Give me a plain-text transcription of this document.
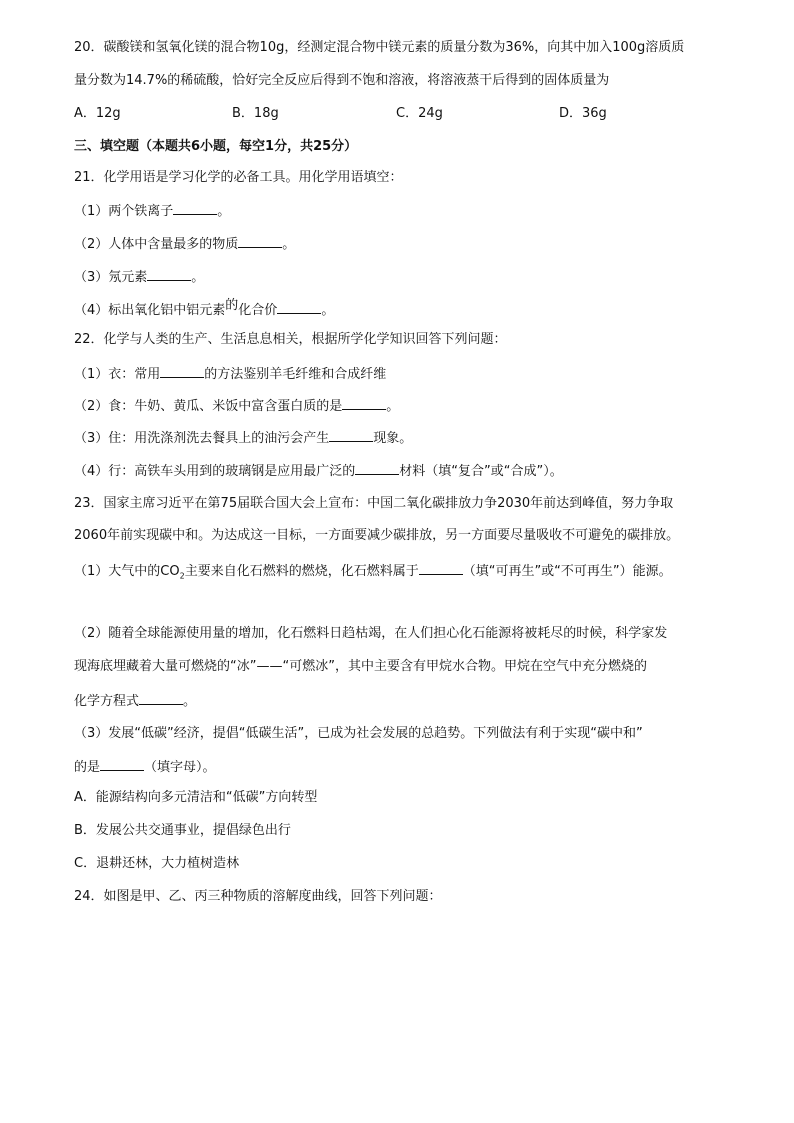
20．碳酸镁和氢氧化镁的混合物10g，经测定混合物中镁元素的质量分数为36%，向其中加入100g溶质质
量分数为14.7%的稀硫酸，恰好完全反应后得到不饱和溶液，将溶液蒸干后得到的固体质量为
A．12g	B．18g	C．24g	D．36g
三、填空题（本题共6小题，每空1分，共25分）
21．化学用语是学习化学的必备工具。用化学用语填空：
（1）两个铁离子	。
（2）人体中含量最多的物质	。
（3）氖元素	。
（4）标出氧化铝中铝元素的化合价	。
22．化学与人类的生产、生活息息相关，根据所学化学知识回答下列问题：
（1）衣：常用	的方法鉴别羊毛纤维和合成纤维
（2）食：牛奶、黄瓜、米饭中富含蛋白质的是	。
（3）住：用洗涤剂洗去餐具上的油污会产生	现象。
（4）行：高铁车头用到的玻璃钢是应用最广泛的	材料（填“复合”或“合成”）。
23．国家主席习近平在第75届联合国大会上宣布：中国二氧化碳排放力争2030年前达到峰值，努力争取
2060年前实现碳中和。为达成这一目标，一方面要减少碳排放，另一方面要尽量吸收不可避免的碳排放。
（1）大气中的$CO_2$主要来自化石燃料的燃烧，化石燃料属于	（填“可再生”或“不可再生”）能源。
（2）随着全球能源使用量的增加，化石燃料日趋枯竭，在人们担心化石能源将被耗尽的时候，科学家发
现海底埋藏着大量可燃烧的“冰”——“可燃冰”，其中主要含有甲烷水合物。甲烷在空气中充分燃烧的
化学方程式	。
（3）发展“低碳”经济，提倡“低碳生活”，已成为社会发展的总趋势。下列做法有利于实现“碳中和”
的是	（填字母）。
A．能源结构向多元清洁和“低碳”方向转型
B．发展公共交通事业，提倡绿色出行
C．退耕还林，大力植树造林
24．如图是甲、乙、丙三种物质的溶解度曲线，回答下列问题：
